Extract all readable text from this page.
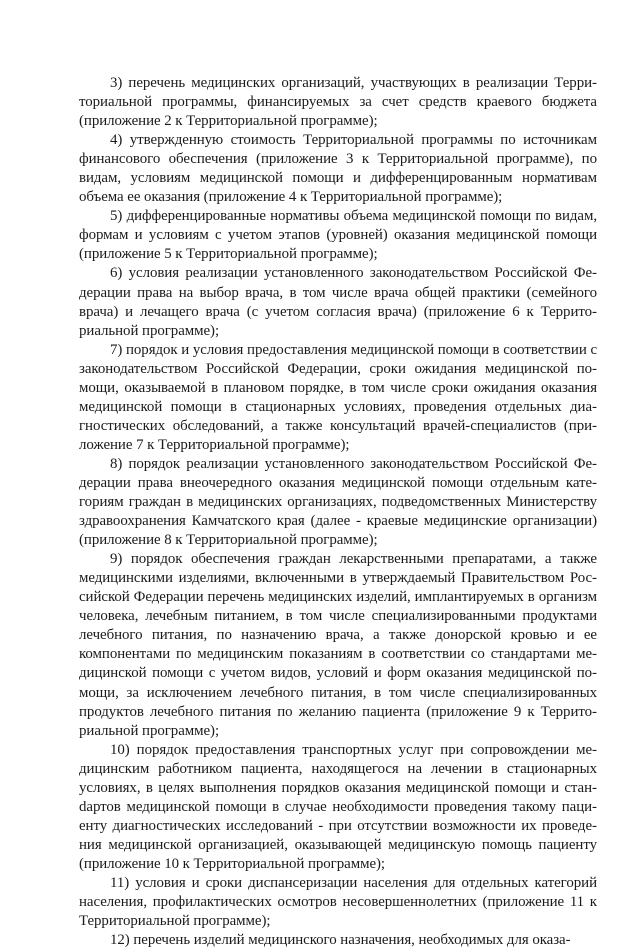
3) перечень медицинских организаций, участвующих в реализации Территориальной программы, финансируемых за счет средств краевого бюджета (приложение 2 к Территориальной программе);

4) утвержденную стоимость Территориальной программы по источникам финансового обеспечения (приложение 3 к Территориальной программе), по видам, условиям медицинской помощи и дифференцированным нормативам объема ее оказания (приложение 4 к Территориальной программе);

5) дифференцированные нормативы объема медицинской помощи по видам, формам и условиям с учетом этапов (уровней) оказания медицинской помощи (приложение 5 к Территориальной программе);

6) условия реализации установленного законодательством Российской Федерации права на выбор врача, в том числе врача общей практики (семейного врача) и лечащего врача (с учетом согласия врача) (приложение 6 к Территориальной программе);

7) порядок и условия предоставления медицинской помощи в соответствии с законодательством Российской Федерации, сроки ожидания медицинской помощи, оказываемой в плановом порядке, в том числе сроки ожидания оказания медицинской помощи в стационарных условиях, проведения отдельных диагностических обследований, а также консультаций врачей-специалистов (приложение 7 к Территориальной программе);

8) порядок реализации установленного законодательством Российской Федерации права внеочередного оказания медицинской помощи отдельным категориям граждан в медицинских организациях, подведомственных Министерству здравоохранения Камчатского края (далее - краевые медицинские организации) (приложение 8 к Территориальной программе);

9) порядок обеспечения граждан лекарственными препаратами, а также медицинскими изделиями, включенными в утверждаемый Правительством Российской Федерации перечень медицинских изделий, имплантируемых в организм человека, лечебным питанием, в том числе специализированными продуктами лечебного питания, по назначению врача, а также донорской кровью и ее компонентами по медицинским показаниям в соответствии со стандартами медицинской помощи с учетом видов, условий и форм оказания медицинской помощи, за исключением лечебного питания, в том числе специализированных продуктов лечебного питания по желанию пациента (приложение 9 к Территориальной программе);

10) порядок предоставления транспортных услуг при сопровождении медицинским работником пациента, находящегося на лечении в стационарных условиях, в целях выполнения порядков оказания медицинской помощи и станdартов медицинской помощи в случае необходимости проведения такому пациенту диагностических исследований - при отсутствии возможности их проведения медицинской организацией, оказывающей медицинскую помощь пациенту (приложение 10 к Территориальной программе);

11) условия и сроки диспансеризации населения для отдельных категорий населения, профилактических осмотров несовершеннолетних (приложение 11 к Территориальной программе);

12) перечень изделий медицинского назначения, необходимых для оказа-
